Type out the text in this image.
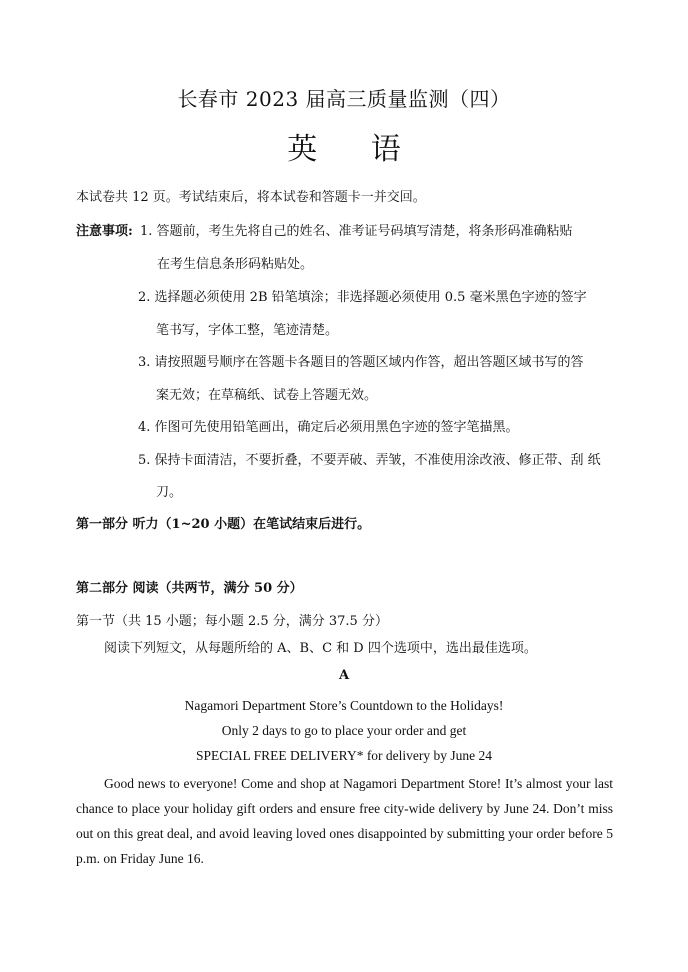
长春市 2023 届高三质量监测（四）
英 语
本试卷共 12 页。考试结束后，将本试卷和答题卡一并交回。
注意事项: 1. 答题前，考生先将自己的姓名、准考证号码填写清楚，将条形码准确粘贴
在考生信息条形码粘贴处。
2. 选择题必须使用 2B 铅笔填涂；非选择题必须使用 0.5 毫米黑色字迹的签字
笔书写，字体工整，笔迹清楚。
3. 请按照题号顺序在答题卡各题目的答题区域内作答，超出答题区域书写的答
案无效；在草稿纸、试卷上答题无效。
4. 作图可先使用铅笔画出，确定后必须用黑色字迹的签字笔描黑。
5. 保持卡面清洁，不要折叠，不要弄破、弄皱，不准使用涂改液、修正带、刮 纸
刀。
第一部分 听力（1~20 小题）在笔试结束后进行。
第二部分 阅读（共两节，满分 50 分）
第一节（共 15 小题；每小题 2.5 分，满分 37.5 分）
阅读下列短文，从每题所给的 A、B、C 和 D 四个选项中，选出最佳选项。
A
Nagamori Department Store’s Countdown to the Holidays!
Only 2 days to go to place your order and get
SPECIAL FREE DELIVERY* for delivery by June 24
Good news to everyone! Come and shop at Nagamori Department Store! It’s almost your last chance to place your holiday gift orders and ensure free city-wide delivery by June 24. Don’t miss out on this great deal, and avoid leaving loved ones disappointed by submitting your order before 5 p.m. on Friday June 16.
